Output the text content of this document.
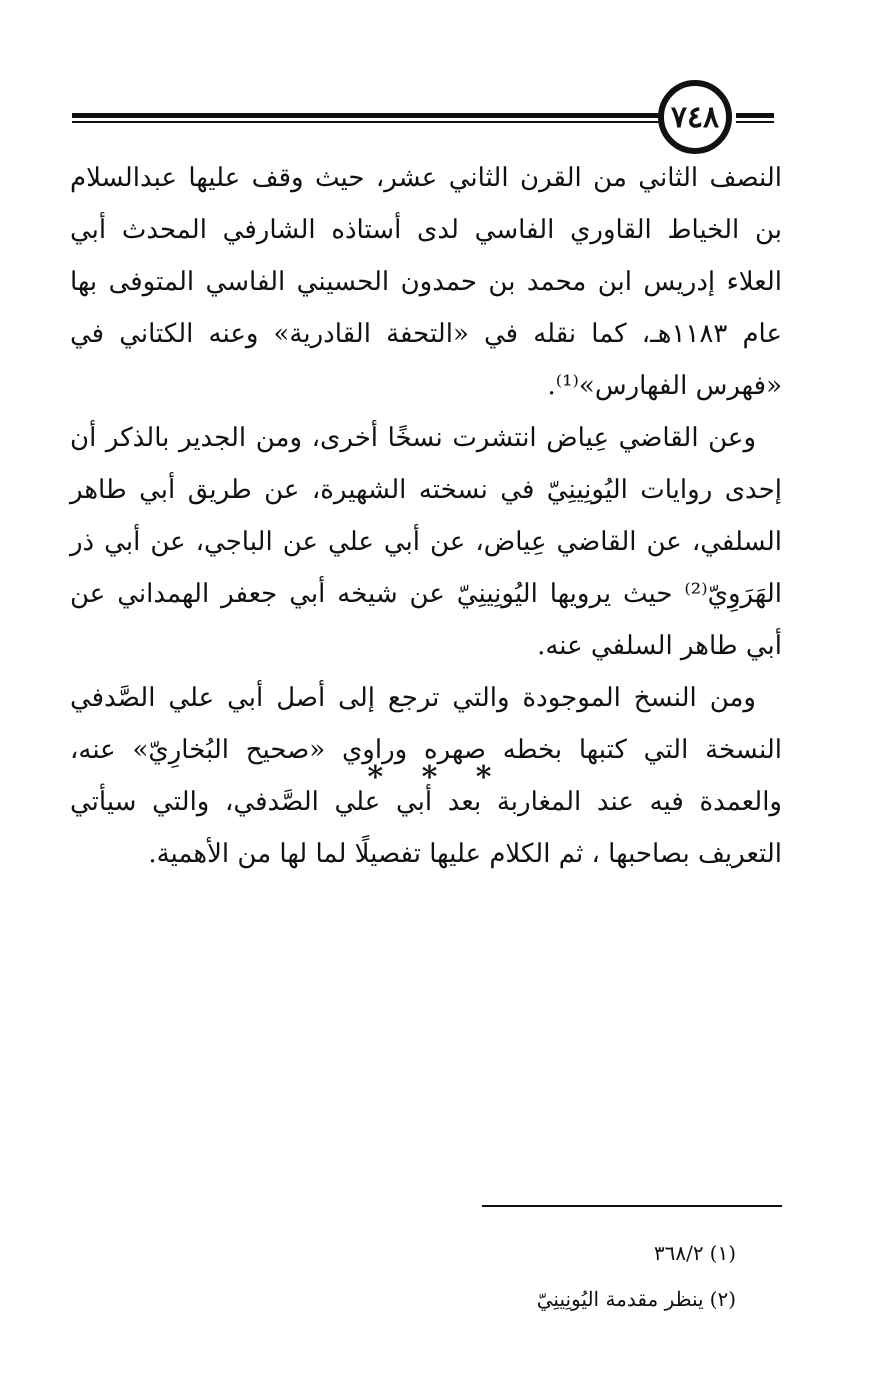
٧٤٨

النصف الثاني من القرن الثاني عشر، حيث وقف عليها عبدالسلام بن الخياط القاوري الفاسي لدى أستاذه الشارفي المحدث أبي العلاء إدريس ابن محمد بن حمدون الحسيني الفاسي المتوفى بها عام ١١٨٣هـ، كما نقله في «التحفة القادرية» وعنه الكتاني في «فهرس الفهارس»⁽¹⁾.

وعن القاضي عِياض انتشرت نسخًا أخرى، ومن الجدير بالذكر أن إحدى روايات اليُونِينِيّ في نسخته الشهيرة، عن طريق أبي طاهر السلفي، عن القاضي عِياض، عن أبي علي عن الباجي، عن أبي ذر الهَرَوِيّ⁽²⁾ حيث يرويها اليُونِينِيّ عن شيخه أبي جعفر الهمداني عن أبي طاهر السلفي عنه.

ومن النسخ الموجودة والتي ترجع إلى أصل أبي علي الصَّدفي النسخة التي كتبها بخطه صهره وراوي «صحيح البُخارِيّ» عنه، والعمدة فيه عند المغاربة بعد أبي علي الصَّدفي، والتي سيأتي التعريف بصاحبها ، ثم الكلام عليها تفصيلًا لما لها من الأهمية.

* * *
(١)٣٦٨/٢
(٢)ينظر مقدمة اليُونِينِيّ
